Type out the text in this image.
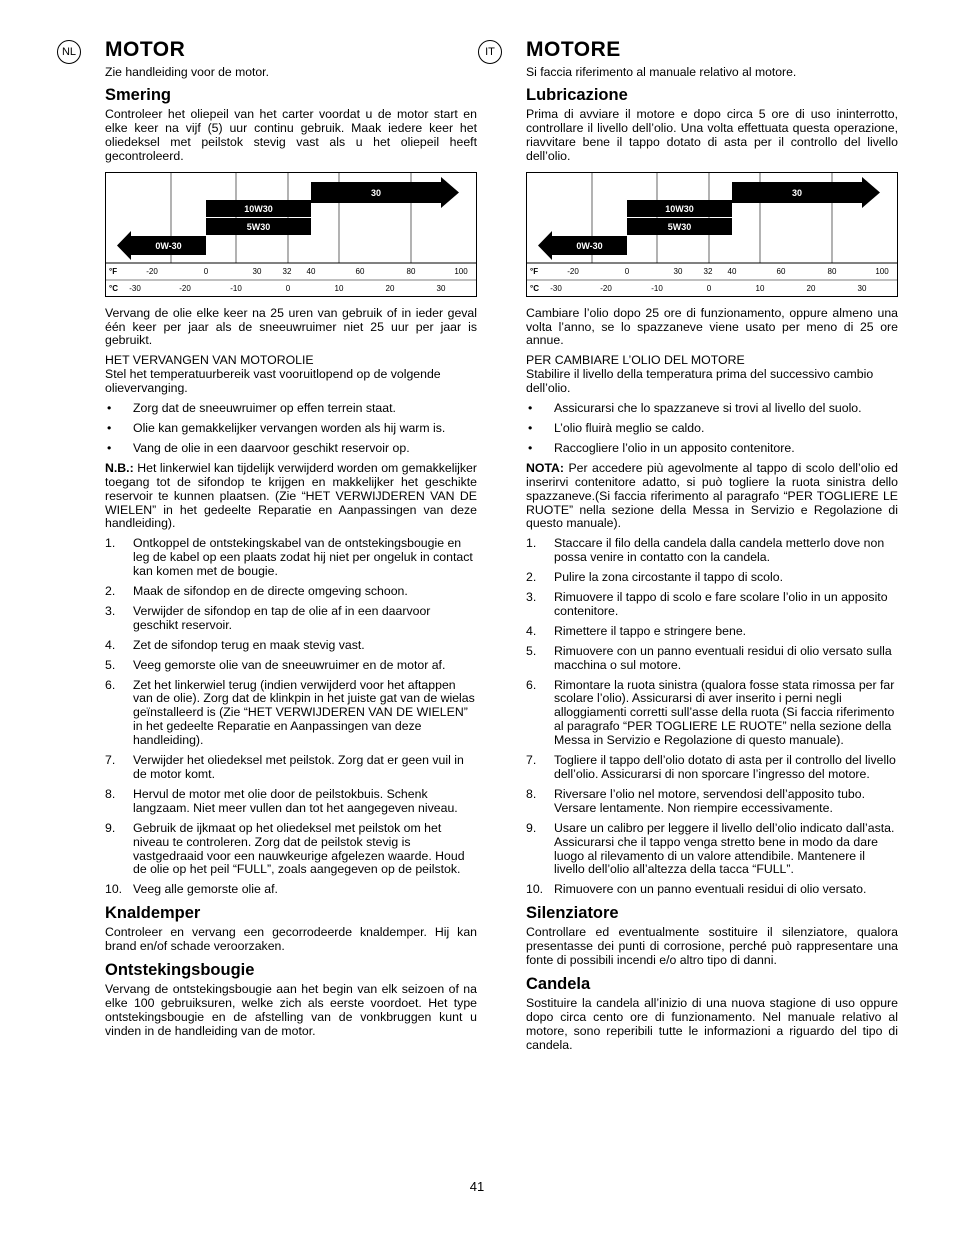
NL MOTOR
Zie handleiding voor de motor.
Smering

Controleer het oliepeil van het carter voordat u de motor start en elke keer na vijf (5) uur continu gebruik. Maak iedere keer het oliedeksel met peilstok stevig vast als u het oliepeil heeft gecontroleerd.

30
10W30
5W30
0W-30
°F
°C
-20	0	30	32 40	60	80	100
-30	-20	-10	0	10	20	30

Vervang de olie elke keer na 25 uren van gebruik of in ieder geval één keer per jaar als de sneeuwruimer niet 25 uur per jaar is gebruikt.

HET VERVANGEN VAN MOTOROLIE
Stel het temperatuurbereik vast vooruitlopend op de volgende olievervanging.

• Zorg dat de sneeuwruimer op effen terrein staat.
• Olie kan gemakkelijker vervangen worden als hij warm is.
• Vang de olie in een daarvoor geschikt reservoir op.

N.B.: Het linkerwiel kan tijdelijk verwijderd worden om gemakkelijker toegang tot de sifondop te krijgen en makkelijker het geschikte reservoir te kunnen plaatsen. (Zie “HET VERWIJDEREN VAN DE WIELEN” in het gedeelte Reparatie en Aanpassingen van deze handleiding).

1. Ontkoppel de ontstekingskabel van de ontstekingsbougie en leg de kabel op een plaats zodat hij niet per ongeluk in contact kan komen met de bougie.
2. Maak de sifondop en de directe omgeving schoon.
3. Verwijder de sifondop en tap de olie af in een daarvoor geschikt reservoir.
4. Zet de sifondop terug en maak stevig vast.
5. Veeg gemorste olie van de sneeuwruimer en de motor af.
6. Zet het linkerwiel terug (indien verwijderd voor het aftappen van de olie). Zorg dat de klinkpin in het juiste gat van de wielas geïnstalleerd is (Zie “HET VERWIJDEREN VAN DE WIELEN” in het gedeelte Reparatie en Aanpassingen van deze handleiding).
7. Verwijder het oliedeksel met peilstok. Zorg dat er geen vuil in de motor komt.
8. Hervul de motor met olie door de peilstokbuis. Schenk langzaam. Niet meer vullen dan tot het aangegeven niveau.
9. Gebruik de ijkmaat op het oliedeksel met peilstok om het niveau te controleren. Zorg dat de peilstok stevig is vastgedraaid voor een nauwkeurige afgelezen waarde. Houd de olie op het peil “FULL”, zoals aangegeven op de peilstok.
10. Veeg alle gemorste olie af.
Knaldemper

Controleer en vervang een gecorrodeerde knaldemper. Hij kan brand en/of schade veroorzaken.

Ontstekingsbougie

Vervang de ontstekingsbougie aan het begin van elk seizoen of na elke 100 gebruiksuren, welke zich als eerste voordoet. Het type ontstekingsbougie en de afstelling van de vonkbruggen kunt u vinden in de handleiding van de motor.

IT	MOTORE
Si faccia riferimento al manuale relativo al motore.
Lubricazione

Prima di avviare il motore e dopo circa 5 ore di uso ininterrotto, controllare il livello dell’olio. Una volta effettuata questa operazione, riavvitare bene il tappo dotato di asta per il controllo del livello dell’olio.

30
10W30
5W30
0W-30
°F
°C
-20	0	30	32 40	60	80	100
-30	-20	-10	0	10	20	30

Cambiare l’olio dopo 25 ore di funzionamento, oppure almeno una volta l’anno, se lo spazzaneve viene usato per meno di 25 ore annue.

PER CAMBIARE L’OLIO DEL MOTORE
Stabilire il livello della temperatura prima del successivo cambio dell’olio.

• Assicurarsi che lo spazzaneve si trovi al livello del suolo.
• L’olio fluirà meglio se caldo.
• Raccogliere l’olio in un apposito contenitore.

NOTA: Per accedere più agevolmente al tappo di scolo dell’olio ed inserirvi contenitore adatto, si può togliere la ruota sinistra dello spazzaneve.(Si faccia riferimento al paragrafo “PER TOGLIERE LE RUOTE” nella sezione della Messa in Servizio e Regolazione di questo manuale).

1. Staccare il filo della candela dalla candela metterlo dove non possa venire in contatto con la candela.
2. Pulire la zona circostante il tappo di scolo.
3. Rimuovere il tappo di scolo e fare scolare l’olio in un apposito contenitore.
4. Rimettere il tappo e stringere bene.
5. Rimuovere con un panno eventuali residui di olio versato sulla macchina o sul motore.
6. Rimontare la ruota sinistra (qualora fosse stata rimossa per far scolare l’olio). Assicurarsi di aver inserito i perni negli alloggiamenti corretti sull’asse della ruota (Si faccia riferimento al paragrafo “PER TOGLIERE LE RUOTE” nella sezione della Messa in Servizio e Regolazione di questo manuale).
7. Togliere il tappo dell’olio dotato di asta per il controllo del livello dell’olio. Assicurarsi di non sporcare l’ingresso del motore.
8. Riversare l’olio nel motore, servendosi dell’apposito tubo. Versare lentamente. Non riempire eccessivamente.
9. Usare un calibro per leggere il livello dell’olio indicato dall’asta. Assicurarsi che il tappo venga stretto bene in modo da dare luogo al rilevamento di un valore attendibile. Mantenere il livello dell’olio all’altezza della tacca “FULL”.
10. Rimuovere con un panno eventuali residui di olio versato.
Silenziatore

Controllare ed eventualmente sostituire il silenziatore, qualora presentasse dei punti di corrosione, perché può rappresentare una fonte di possibili incendi e/o altro tipo di danni.

Candela

Sostituire la candela all’inizio di una nuova stagione di uso oppure dopo circa cento ore di funzionamento. Nel manuale relativo al motore, sono reperibili tutte le informazioni a riguardo del tipo di candela.

41
